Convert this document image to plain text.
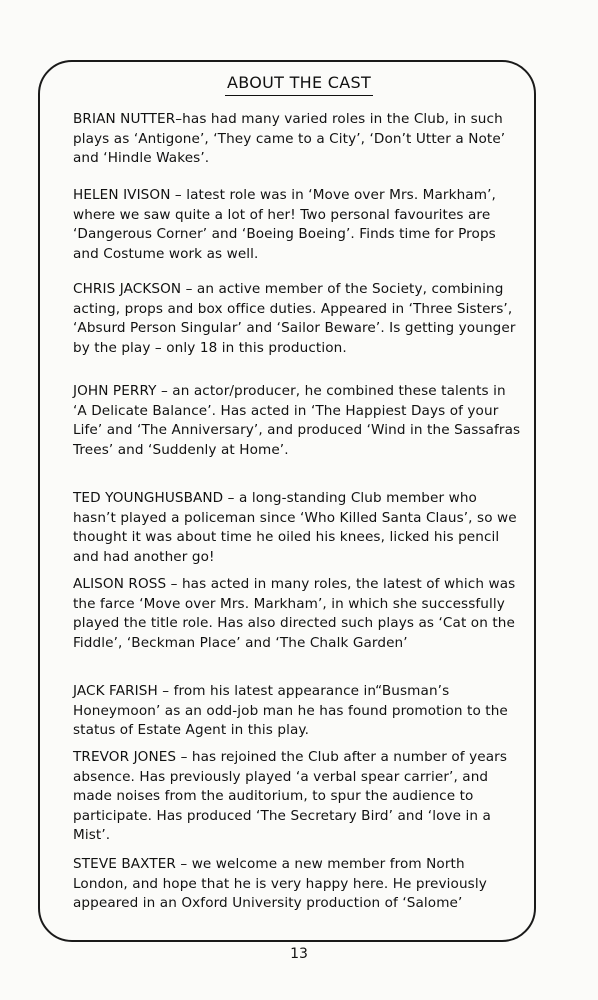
ABOUT THE CAST
BRIAN NUTTER–has had many varied roles in the Club, in such plays as ‘Antigone’, ‘They came to a City’, ‘Don’t Utter a Note’ and ‘Hindle Wakes’.
HELEN IVISON – latest role was in ‘Move over Mrs. Markham’, where we saw quite a lot of her! Two personal favourites are ‘Dangerous Corner’ and ‘Boeing Boeing’. Finds time for Props and Costume work as well.
CHRIS JACKSON – an active member of the Society, combining acting, props and box office duties. Appeared in ‘Three Sisters’, ‘Absurd Person Singular’ and ‘Sailor Beware’. Is getting younger by the play – only 18 in this production.
JOHN PERRY – an actor/producer, he combined these talents in ‘A Delicate Balance’. Has acted in ‘The Happiest Days of your Life’ and ‘The Anniversary’, and produced ‘Wind in the Sassafras Trees’ and ‘Suddenly at Home’.
TED YOUNGHUSBAND – a long-standing Club member who hasn’t played a policeman since ‘Who Killed Santa Claus’, so we thought it was about time he oiled his knees, licked his pencil and had another go!
ALISON ROSS – has acted in many roles, the latest of which was the farce ‘Move over Mrs. Markham’, in which she successfully played the title role. Has also directed such plays as ‘Cat on the Fiddle’, ‘Beckman Place’ and ‘The Chalk Garden’
JACK FARISH – from his latest appearance in“Busman’s Honeymoon’ as an odd-job man he has found promotion to the status of Estate Agent in this play.
TREVOR JONES – has rejoined the Club after a number of years absence. Has previously played ‘a verbal spear carrier’, and made noises from the auditorium, to spur the audience to participate. Has produced ‘The Secretary Bird’ and ‘love in a Mist’.
STEVE BAXTER – we welcome a new member from North London, and hope that he is very happy here. He previously appeared in an Oxford University production of ‘Salome’
13
